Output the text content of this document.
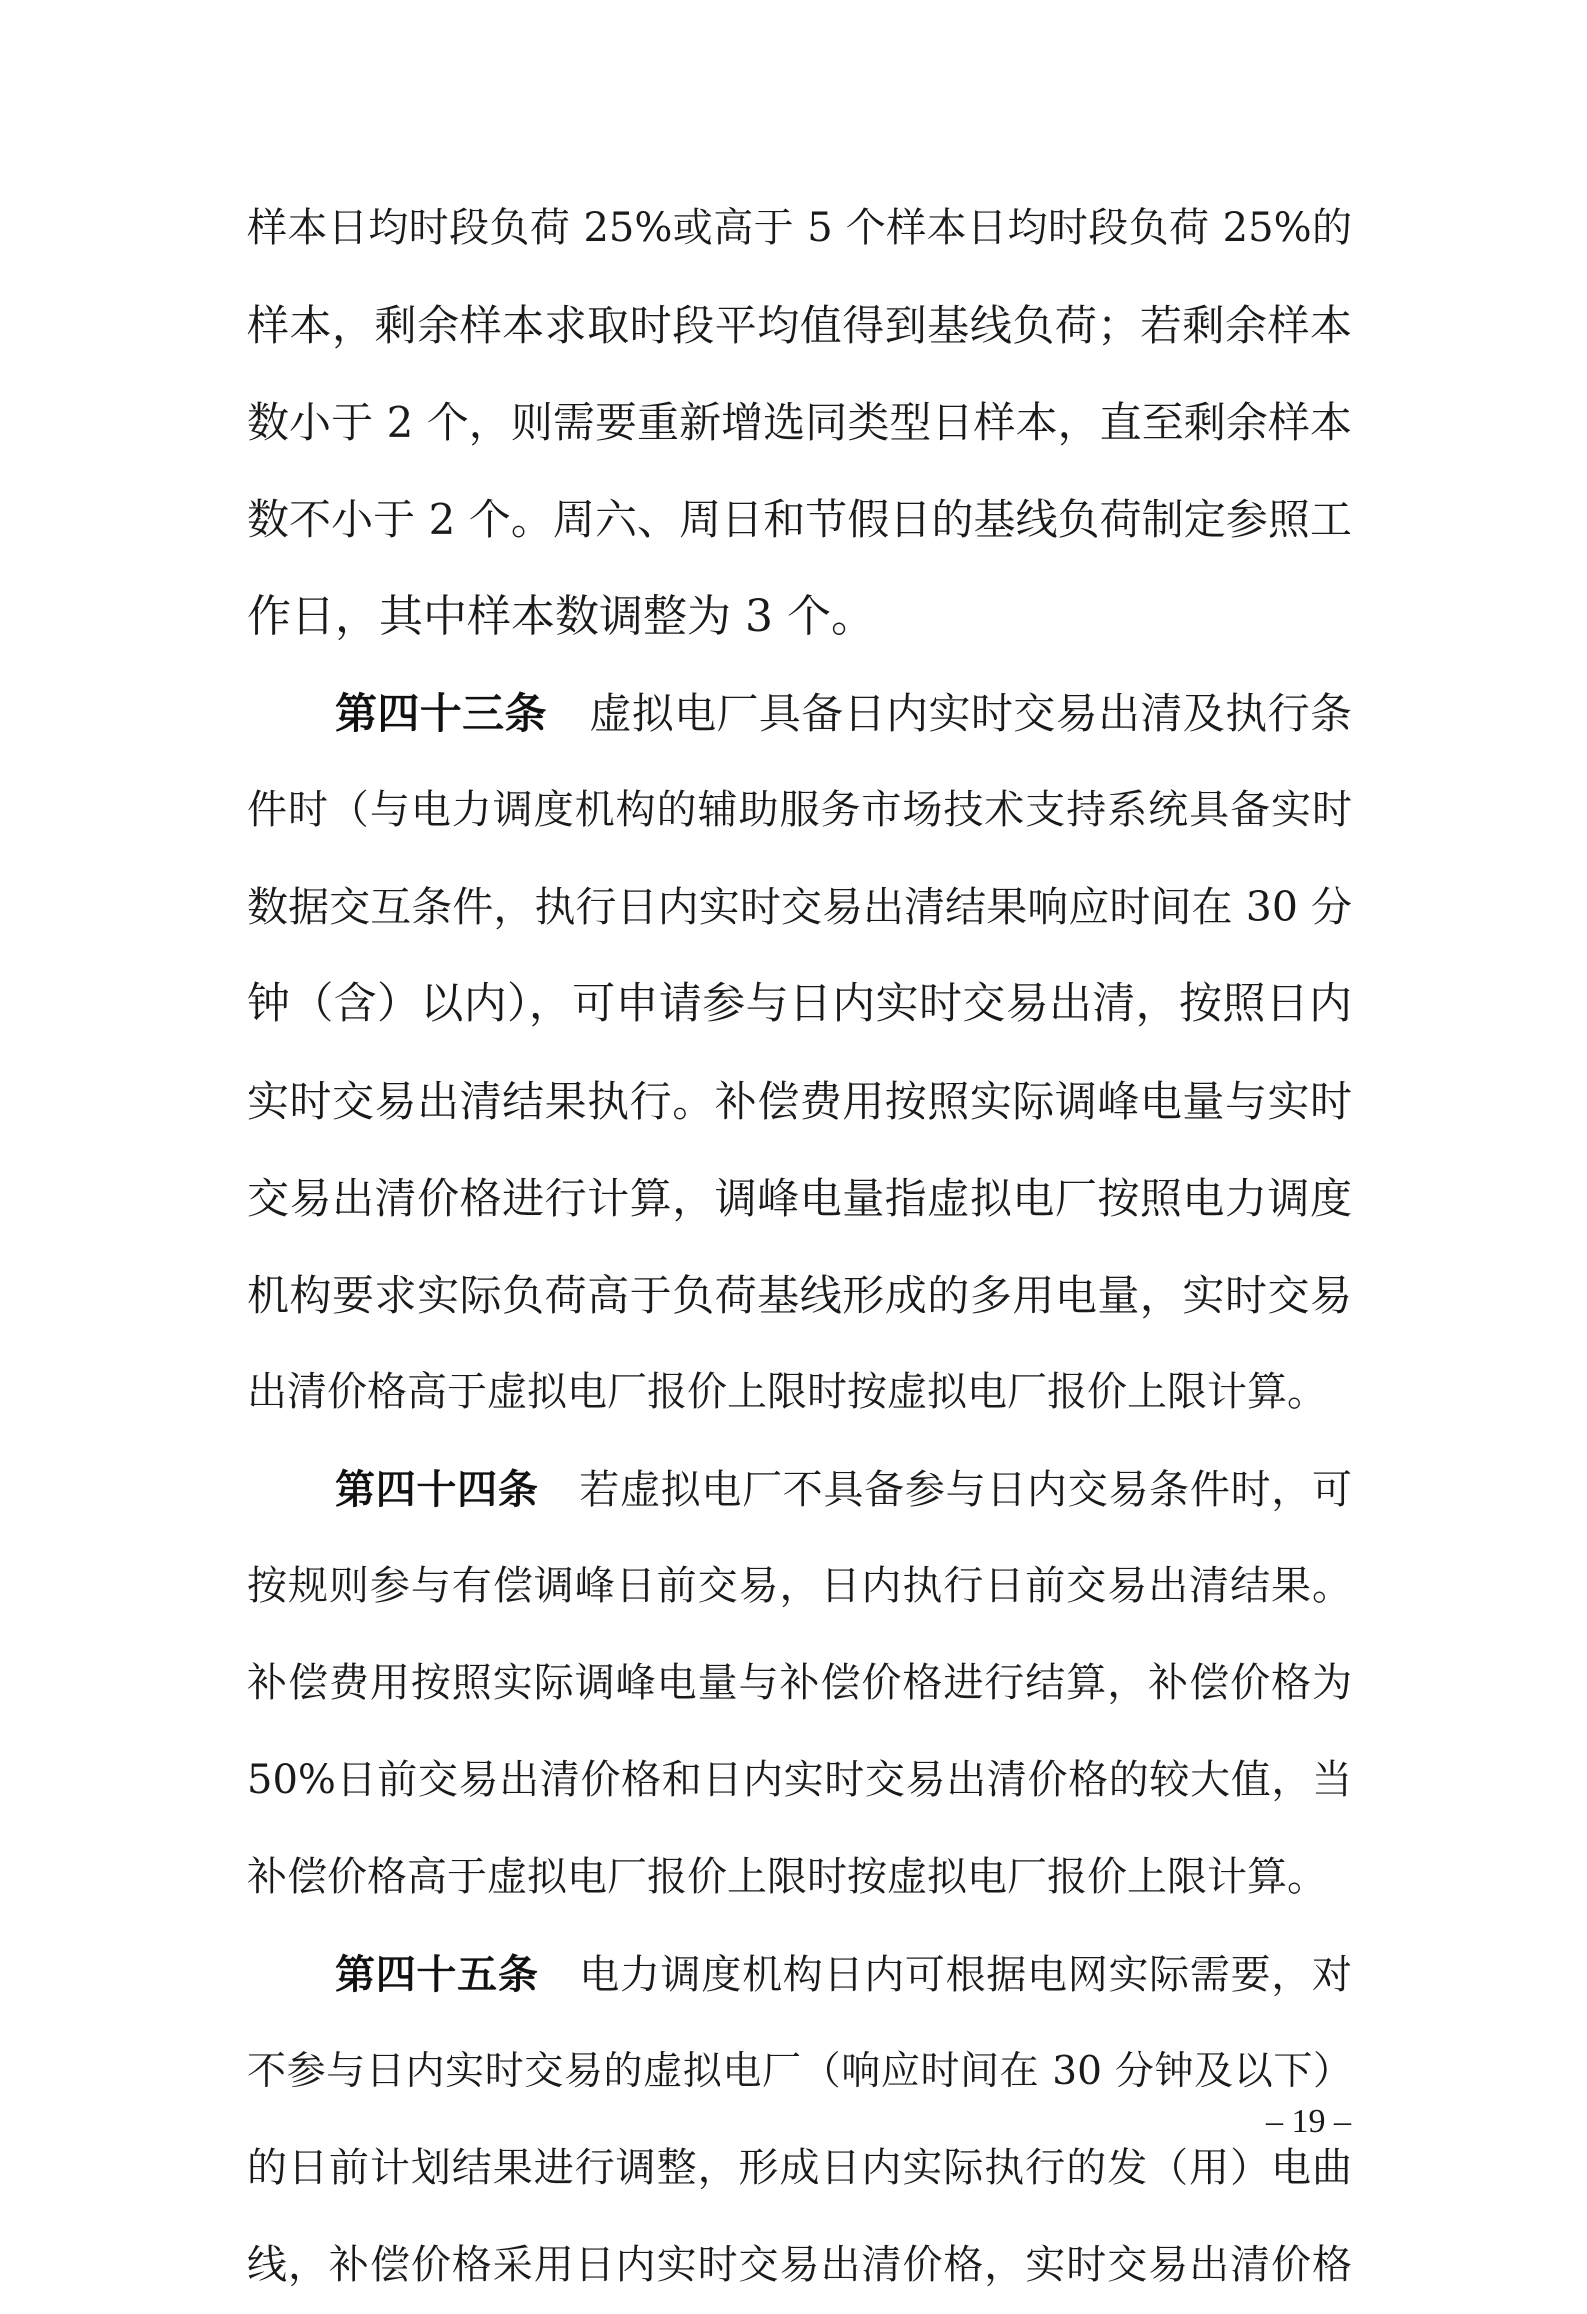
样本日均时段负荷 25%或高于 5 个样本日均时段负荷 25%的
样本，剩余样本求取时段平均值得到基线负荷；若剩余样本
数小于 2 个，则需要重新增选同类型日样本，直至剩余样本
数不小于 2 个。周六、周日和节假日的基线负荷制定参照工
作日，其中样本数调整为 3 个。
第四十三条  虚拟电厂具备日内实时交易出清及执行条
件时（与电力调度机构的辅助服务市场技术支持系统具备实时
数据交互条件，执行日内实时交易出清结果响应时间在 30 分
钟（含）以内），可申请参与日内实时交易出清，按照日内
实时交易出清结果执行。补偿费用按照实际调峰电量与实时
交易出清价格进行计算，调峰电量指虚拟电厂按照电力调度
机构要求实际负荷高于负荷基线形成的多用电量，实时交易
出清价格高于虚拟电厂报价上限时按虚拟电厂报价上限计算。
第四十四条  若虚拟电厂不具备参与日内交易条件时，可
按规则参与有偿调峰日前交易，日内执行日前交易出清结果。
补偿费用按照实际调峰电量与补偿价格进行结算，补偿价格为
50%日前交易出清价格和日内实时交易出清价格的较大值，当
补偿价格高于虚拟电厂报价上限时按虚拟电厂报价上限计算。
第四十五条  电力调度机构日内可根据电网实际需要，对
不参与日内实时交易的虚拟电厂（响应时间在 30 分钟及以下）
的日前计划结果进行调整，形成日内实际执行的发（用）电曲
线，补偿价格采用日内实时交易出清价格，实时交易出清价格
– 19 –
